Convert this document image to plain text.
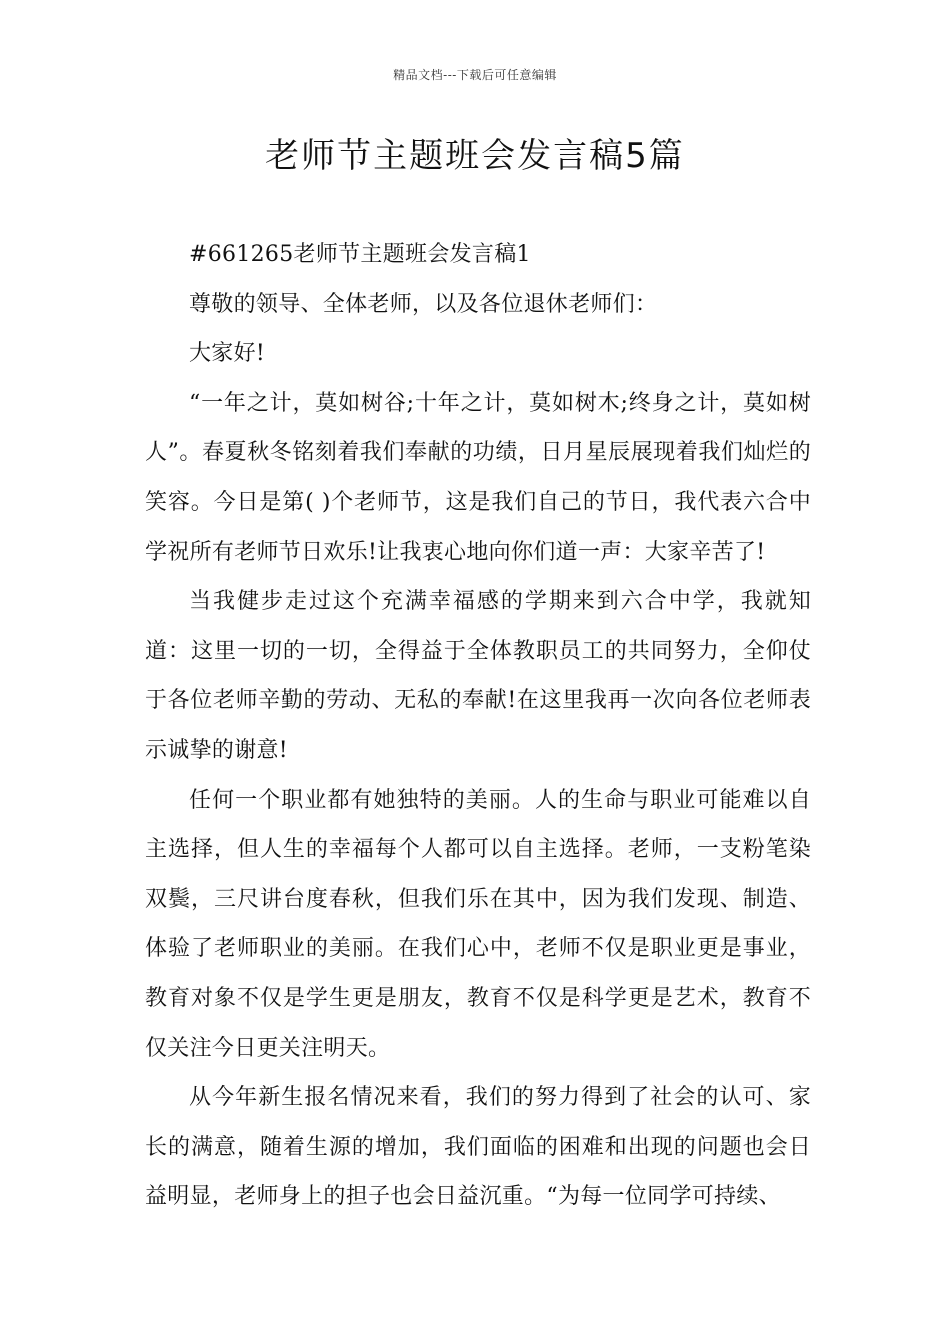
精品文档---下载后可任意编辑
老师节主题班会发言稿5篇

#661265老师节主题班会发言稿1

尊敬的领导、全体老师，以及各位退休老师们：

大家好!

“一年之计，莫如树谷;十年之计，莫如树木;终身之计，莫如树人”。春夏秋冬铭刻着我们奉献的功绩，日月星辰展现着我们灿烂的笑容。今日是第( )个老师节，这是我们自己的节日，我代表六合中学祝所有老师节日欢乐!让我衷心地向你们道一声：大家辛苦了!

当我健步走过这个充满幸福感的学期来到六合中学，我就知道：这里一切的一切，全得益于全体教职员工的共同努力，全仰仗于各位老师辛勤的劳动、无私的奉献!在这里我再一次向各位老师表示诚挚的谢意!

任何一个职业都有她独特的美丽。人的生命与职业可能难以自主选择，但人生的幸福每个人都可以自主选择。老师，一支粉笔染双鬓，三尺讲台度春秋，但我们乐在其中，因为我们发现、制造、体验了老师职业的美丽。在我们心中，老师不仅是职业更是事业，教育对象不仅是学生更是朋友，教育不仅是科学更是艺术，教育不仅关注今日更关注明天。

从今年新生报名情况来看，我们的努力得到了社会的认可、家长的满意，随着生源的增加，我们面临的困难和出现的问题也会日益明显，老师身上的担子也会日益沉重。“为每一位同学可持续、
